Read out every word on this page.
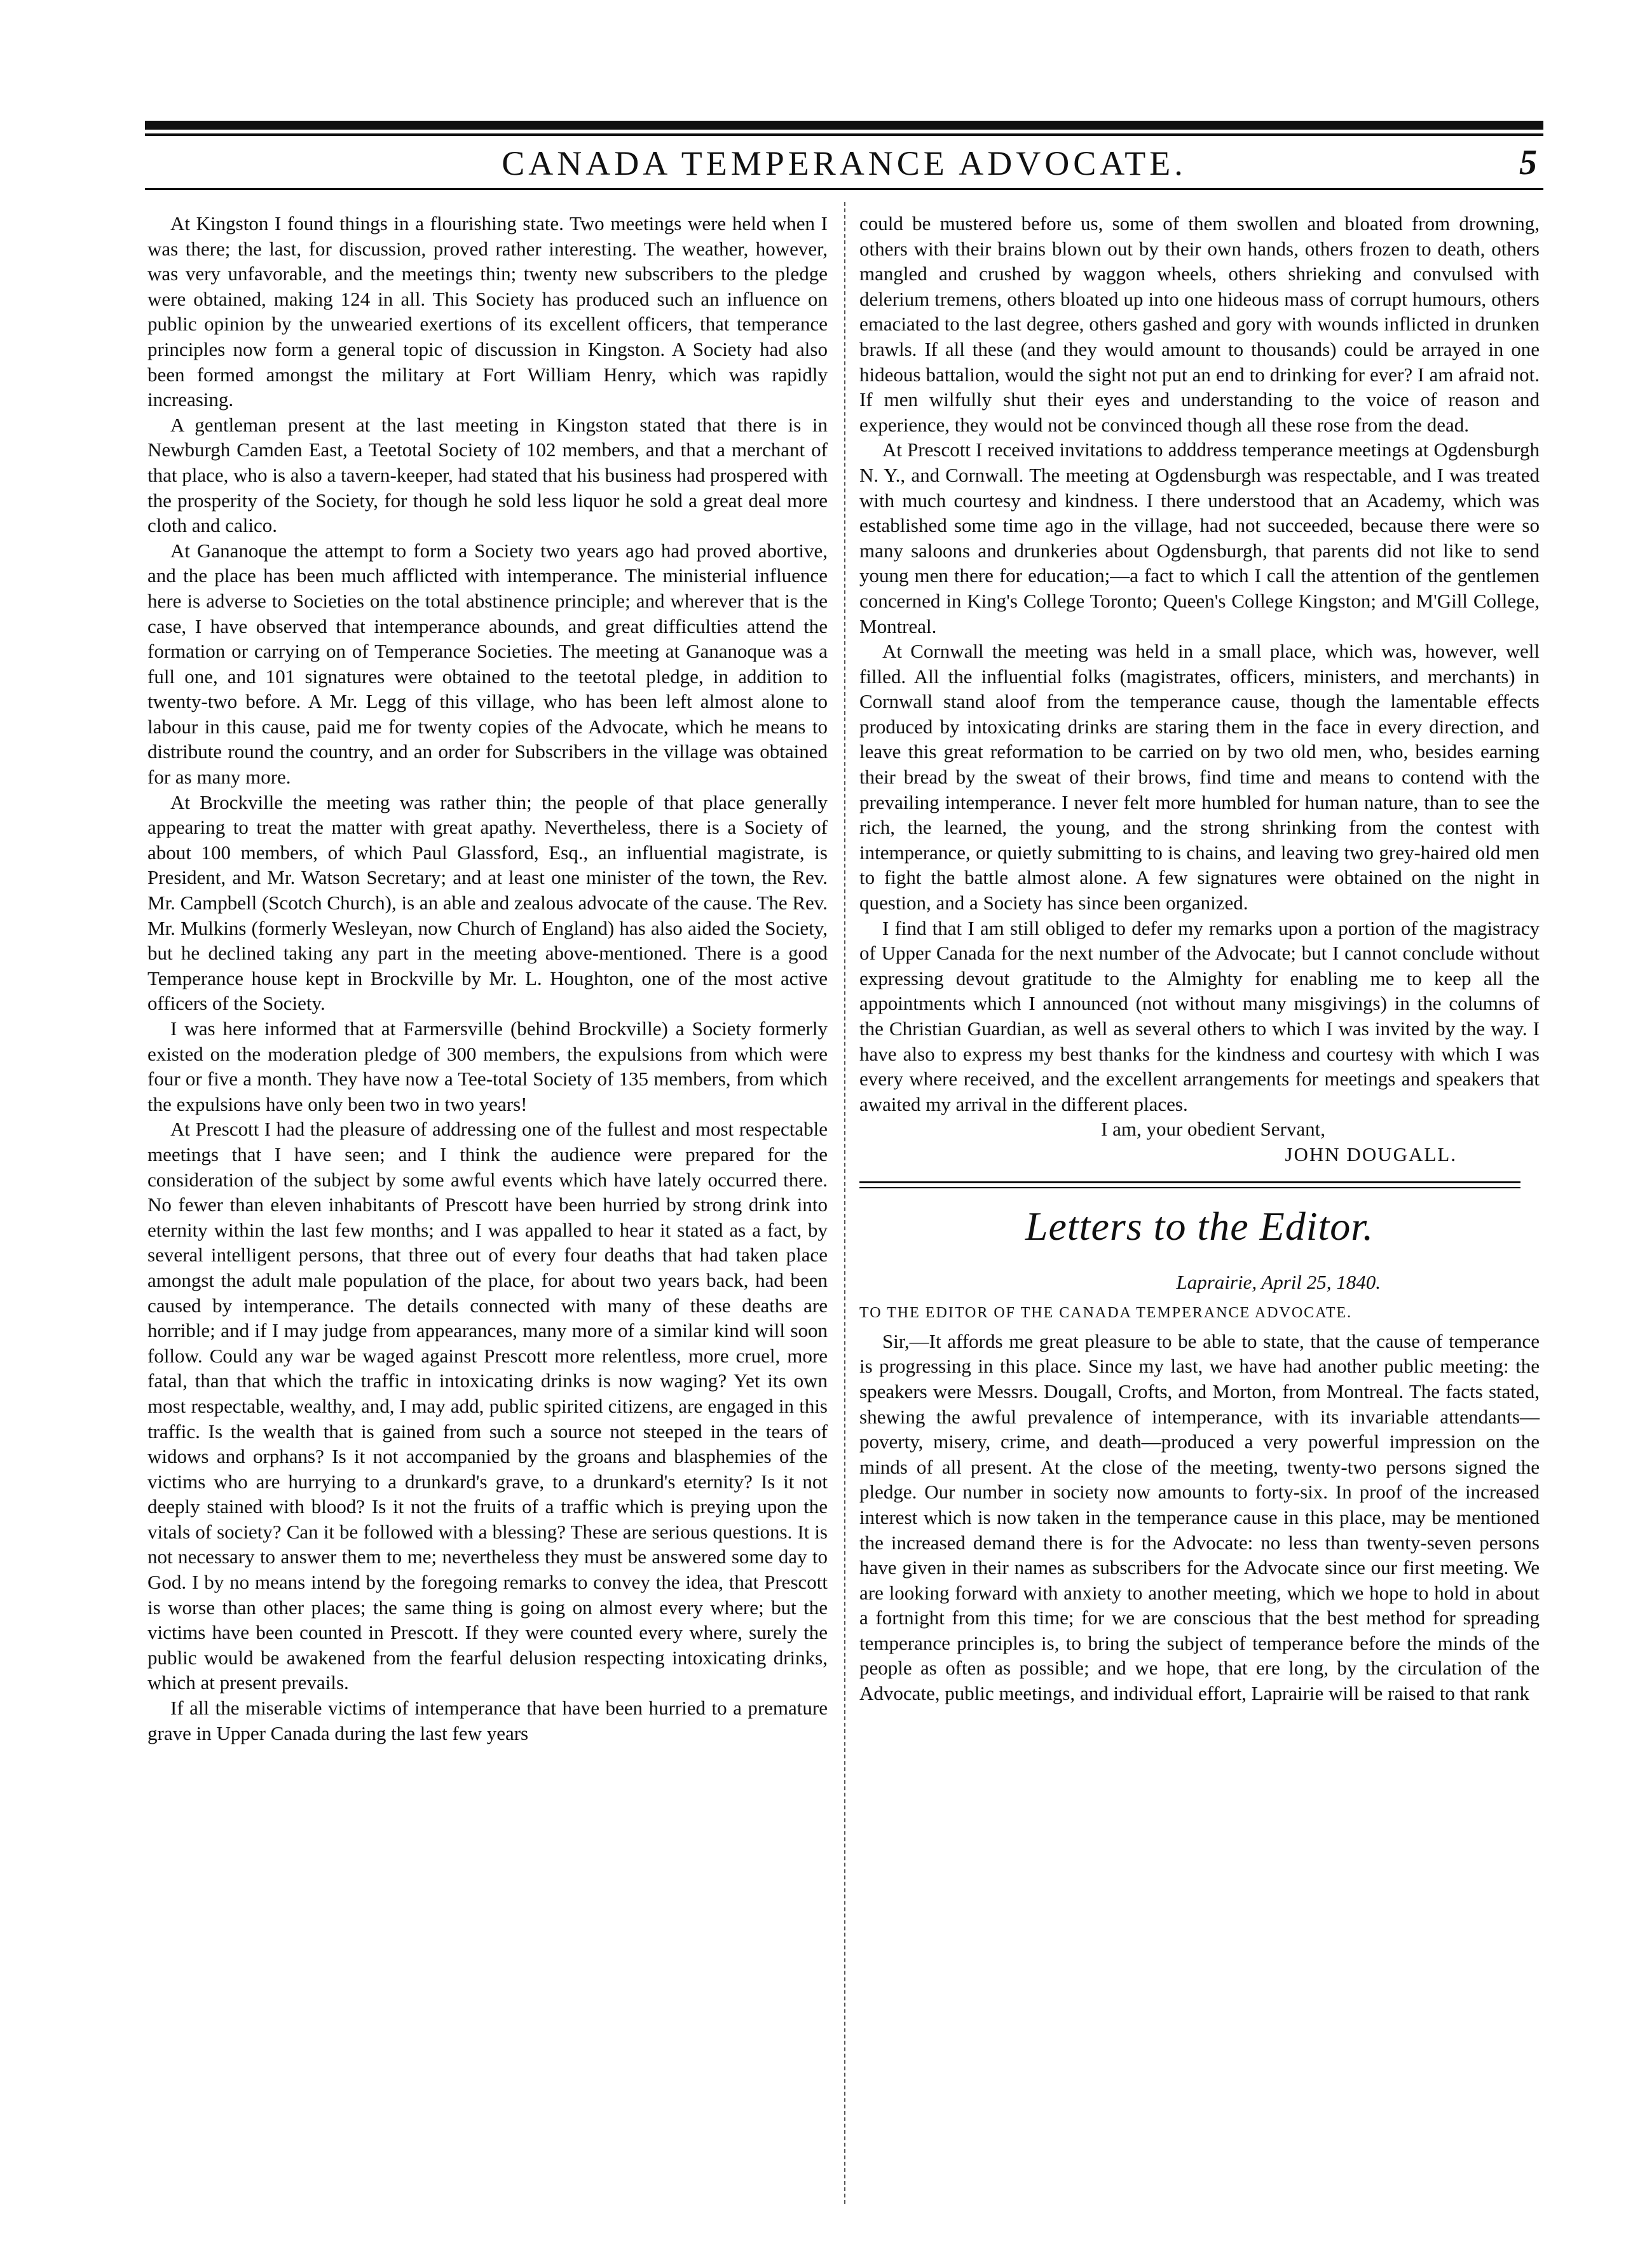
CANADA TEMPERANCE ADVOCATE.	5

At Kingston I found things in a flourishing state. Two meetings were held when I was there; the last, for discussion, proved rather interesting. The weather, however, was very unfavorable, and the meetings thin; twenty new subscribers to the pledge were obtained, making 124 in all. This Society has produced such an influence on public opinion by the unwearied exertions of its excellent officers, that temperance principles now form a general topic of discussion in Kingston. A Society had also been formed amongst the military at Fort William Henry, which was rapidly increasing.

A gentleman present at the last meeting in Kingston stated that there is in Newburgh Camden East, a Teetotal Society of 102 members, and that a merchant of that place, who is also a tavern-keeper, had stated that his business had prospered with the prosperity of the Society, for though he sold less liquor he sold a great deal more cloth and calico.

At Gananoque the attempt to form a Society two years ago had proved abortive, and the place has been much afflicted with intemperance. The ministerial influence here is adverse to Societies on the total abstinence principle; and wherever that is the case, I have observed that intemperance abounds, and great difficulties attend the formation or carrying on of Temperance Societies. The meeting at Gananoque was a full one, and 101 signatures were obtained to the teetotal pledge, in addition to twenty-two before. A Mr. Legg of this village, who has been left almost alone to labour in this cause, paid me for twenty copies of the Advocate, which he means to distribute round the country, and an order for Subscribers in the village was obtained for as many more.

At Brockville the meeting was rather thin; the people of that place generally appearing to treat the matter with great apathy. Nevertheless, there is a Society of about 100 members, of which Paul Glassford, Esq., an influential magistrate, is President, and Mr. Watson Secretary; and at least one minister of the town, the Rev. Mr. Campbell (Scotch Church), is an able and zealous advocate of the cause. The Rev. Mr. Mulkins (formerly Wesleyan, now Church of England) has also aided the Society, but he declined taking any part in the meeting above-mentioned. There is a good Temperance house kept in Brockville by Mr. L. Houghton, one of the most active officers of the Society.

I was here informed that at Farmersville (behind Brockville) a Society formerly existed on the moderation pledge of 300 members, the expulsions from which were four or five a month. They have now a Tee-total Society of 135 members, from which the expulsions have only been two in two years!

At Prescott I had the pleasure of addressing one of the fullest and most respectable meetings that I have seen; and I think the audience were prepared for the consideration of the subject by some awful events which have lately occurred there. No fewer than eleven inhabitants of Prescott have been hurried by strong drink into eternity within the last few months; and I was appalled to hear it stated as a fact, by several intelligent persons, that three out of every four deaths that had taken place amongst the adult male population of the place, for about two years back, had been caused by intemperance. The details connected with many of these deaths are horrible; and if I may judge from appearances, many more of a similar kind will soon follow. Could any war be waged against Prescott more relentless, more cruel, more fatal, than that which the traffic in intoxicating drinks is now waging? Yet its own most respectable, wealthy, and, I may add, public spirited citizens, are engaged in this traffic. Is the wealth that is gained from such a source not steeped in the tears of widows and orphans? Is it not accompanied by the groans and blasphemies of the victims who are hurrying to a drunkard's grave, to a drunkard's eternity? Is it not deeply stained with blood? Is it not the fruits of a traffic which is preying upon the vitals of society? Can it be followed with a blessing? These are serious questions. It is not necessary to answer them to me; nevertheless they must be answered some day to God. I by no means intend by the foregoing remarks to convey the idea, that Prescott is worse than other places; the same thing is going on almost every where; but the victims have been counted in Prescott. If they were counted every where, surely the public would be awakened from the fearful delusion respecting intoxicating drinks, which at present prevails.

If all the miserable victims of intemperance that have been hurried to a premature grave in Upper Canada during the last few years

could be mustered before us, some of them swollen and bloated from drowning, others with their brains blown out by their own hands, others frozen to death, others mangled and crushed by waggon wheels, others shrieking and convulsed with delerium tremens, others bloated up into one hideous mass of corrupt humours, others emaciated to the last degree, others gashed and gory with wounds inflicted in drunken brawls. If all these (and they would amount to thousands) could be arrayed in one hideous battalion, would the sight not put an end to drinking for ever? I am afraid not. If men wilfully shut their eyes and understanding to the voice of reason and experience, they would not be convinced though all these rose from the dead.

At Prescott I received invitations to adddress temperance meetings at Ogdensburgh N. Y., and Cornwall. The meeting at Ogdensburgh was respectable, and I was treated with much courtesy and kindness. I there understood that an Academy, which was established some time ago in the village, had not succeeded, because there were so many saloons and drunkeries about Ogdensburgh, that parents did not like to send young men there for education;—a fact to which I call the attention of the gentlemen concerned in King's College Toronto; Queen's College Kingston; and M'Gill College, Montreal.

At Cornwall the meeting was held in a small place, which was, however, well filled. All the influential folks (magistrates, officers, ministers, and merchants) in Cornwall stand aloof from the temperance cause, though the lamentable effects produced by intoxicating drinks are staring them in the face in every direction, and leave this great reformation to be carried on by two old men, who, besides earning their bread by the sweat of their brows, find time and means to contend with the prevailing intemperance. I never felt more humbled for human nature, than to see the rich, the learned, the young, and the strong shrinking from the contest with intemperance, or quietly submitting to is chains, and leaving two grey-haired old men to fight the battle almost alone. A few signatures were obtained on the night in question, and a Society has since been organized.

I find that I am still obliged to defer my remarks upon a portion of the magistracy of Upper Canada for the next number of the Advocate; but I cannot conclude without expressing devout gratitude to the Almighty for enabling me to keep all the appointments which I announced (not without many misgivings) in the columns of the Christian Guardian, as well as several others to which I was invited by the way. I have also to express my best thanks for the kindness and courtesy with which I was every where received, and the excellent arrangements for meetings and speakers that awaited my arrival in the different places.

I am, your obedient Servant,

JOHN DOUGALL.

Letters to the Editor.

Laprairie, April 25, 1840.

TO THE EDITOR OF THE CANADA TEMPERANCE ADVOCATE.

Sir,—It affords me great pleasure to be able to state, that the cause of temperance is progressing in this place. Since my last, we have had another public meeting: the speakers were Messrs. Dougall, Crofts, and Morton, from Montreal. The facts stated, shewing the awful prevalence of intemperance, with its invariable attendants—poverty, misery, crime, and death—produced a very powerful impression on the minds of all present. At the close of the meeting, twenty-two persons signed the pledge. Our number in society now amounts to forty-six. In proof of the increased interest which is now taken in the temperance cause in this place, may be mentioned the increased demand there is for the Advocate: no less than twenty-seven persons have given in their names as subscribers for the Advocate since our first meeting. We are looking forward with anxiety to another meeting, which we hope to hold in about a fortnight from this time; for we are conscious that the best method for spreading temperance principles is, to bring the subject of temperance before the minds of the people as often as possible; and we hope, that ere long, by the circulation of the Advocate, public meetings, and individual effort, Laprairie will be raised to that rank
